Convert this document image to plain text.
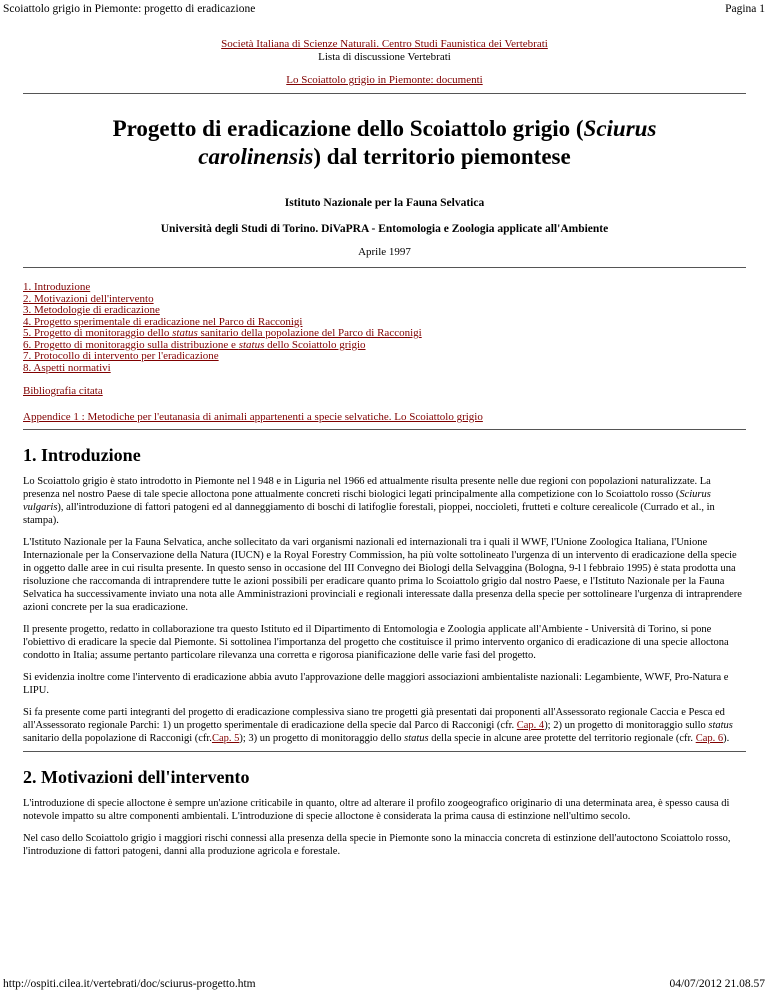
Scoiattolo grigio in Piemonte: progetto di eradicazione	Pagina 1
Società Italiana di Scienze Naturali. Centro Studi Faunistica dei Vertebrati
Lista di discussione Vertebrati
Lo Scoiattolo grigio in Piemonte: documenti
Progetto di eradicazione dello Scoiattolo grigio (Sciurus carolinensis) dal territorio piemontese
Istituto Nazionale per la Fauna Selvatica
Università degli Studi di Torino. DiVaPRA - Entomologia e Zoologia applicate all'Ambiente
Aprile 1997
1. Introduzione
2. Motivazioni dell'intervento
3. Metodologie di eradicazione
4. Progetto sperimentale di eradicazione nel Parco di Racconigi
5. Progetto di monitoraggio dello status sanitario della popolazione del Parco di Racconigi
6. Progetto di monitoraggio sulla distribuzione e status dello Scoiattolo grigio
7. Protocollo di intervento per l'eradicazione
8. Aspetti normativi
Bibliografia citata
Appendice 1 : Metodiche per l'eutanasia di animali appartenenti a specie selvatiche. Lo Scoiattolo grigio
1. Introduzione

Lo Scoiattolo grigio è stato introdotto in Piemonte nel l 948 e in Liguria nel 1966 ed attualmente risulta presente nelle due regioni con popolazioni naturalizzate. La presenza nel nostro Paese di tale specie alloctona pone attualmente concreti rischi biologici legati principalmente alla competizione con lo Scoiattolo rosso (Sciurus vulgaris), all'introduzione di fattori patogeni ed al danneggiamento di boschi di latifoglie forestali, pioppei, noccioleti, frutteti e colture cerealicole (Currado et al., in stampa).

L'Istituto Nazionale per la Fauna Selvatica, anche sollecitato da vari organismi nazionali ed internazionali tra i quali il WWF, l'Unione Zoologica Italiana, l'Unione Internazionale per la Conservazione della Natura (IUCN) e la Royal Forestry Commission, ha più volte sottolineato l'urgenza di un intervento di eradicazione della specie in oggetto dalle aree in cui risulta presente. In questo senso in occasione del III Convegno dei Biologi della Selvaggina (Bologna, 9-l l febbraio 1995) è stata prodotta una risoluzione che raccomanda di intraprendere tutte le azioni possibili per eradicare quanto prima lo Scoiattolo grigio dal nostro Paese, e l'Istituto Nazionale per la Fauna Selvatica ha successivamente inviato una nota alle Amministrazioni provinciali e regionali interessate dalla presenza della specie per sottolineare l'urgenza di intraprendere azioni concrete per la sua eradicazione.

Il presente progetto, redatto in collaborazione tra questo Istituto ed il Dipartimento di Entomologia e Zoologia applicate all'Ambiente - Università di Torino, si pone l'obiettivo di eradicare la specie dal Piemonte. Si sottolinea l'importanza del progetto che costituisce il primo intervento organico di eradicazione di una specie alloctona condotto in Italia; assume pertanto particolare rilevanza una corretta e rigorosa pianificazione delle varie fasi del progetto.

Si evidenzia inoltre come l'intervento di eradicazione abbia avuto l'approvazione delle maggiori associazioni ambientaliste nazionali: Legambiente, WWF, Pro-Natura e LIPU.

Si fa presente come parti integranti del progetto di eradicazione complessiva siano tre progetti già presentati dai proponenti all'Assessorato regionale Caccia e Pesca ed all'Assessorato regionale Parchi: 1) un progetto sperimentale di eradicazione della specie dal Parco di Racconigi (cfr. Cap. 4); 2) un progetto di monitoraggio sullo status sanitario della popolazione di Racconigi (cfr.Cap. 5); 3) un progetto di monitoraggio dello status della specie in alcune aree protette del territorio regionale (cfr. Cap. 6).

2. Motivazioni dell'intervento

L'introduzione di specie alloctone è sempre un'azione criticabile in quanto, oltre ad alterare il profilo zoogeografico originario di una determinata area, è spesso causa di notevole impatto su altre componenti ambientali. L'introduzione di specie alloctone è considerata la prima causa di estinzione nell'ultimo secolo.

Nel caso dello Scoiattolo grigio i maggiori rischi connessi alla presenza della specie in Piemonte sono la minaccia concreta di estinzione dell'autoctono Scoiattolo rosso, l'introduzione di fattori patogeni, danni alla produzione agricola e forestale.

http://ospiti.cilea.it/vertebrati/doc/sciurus-progetto.htm	04/07/2012 21.08.57
